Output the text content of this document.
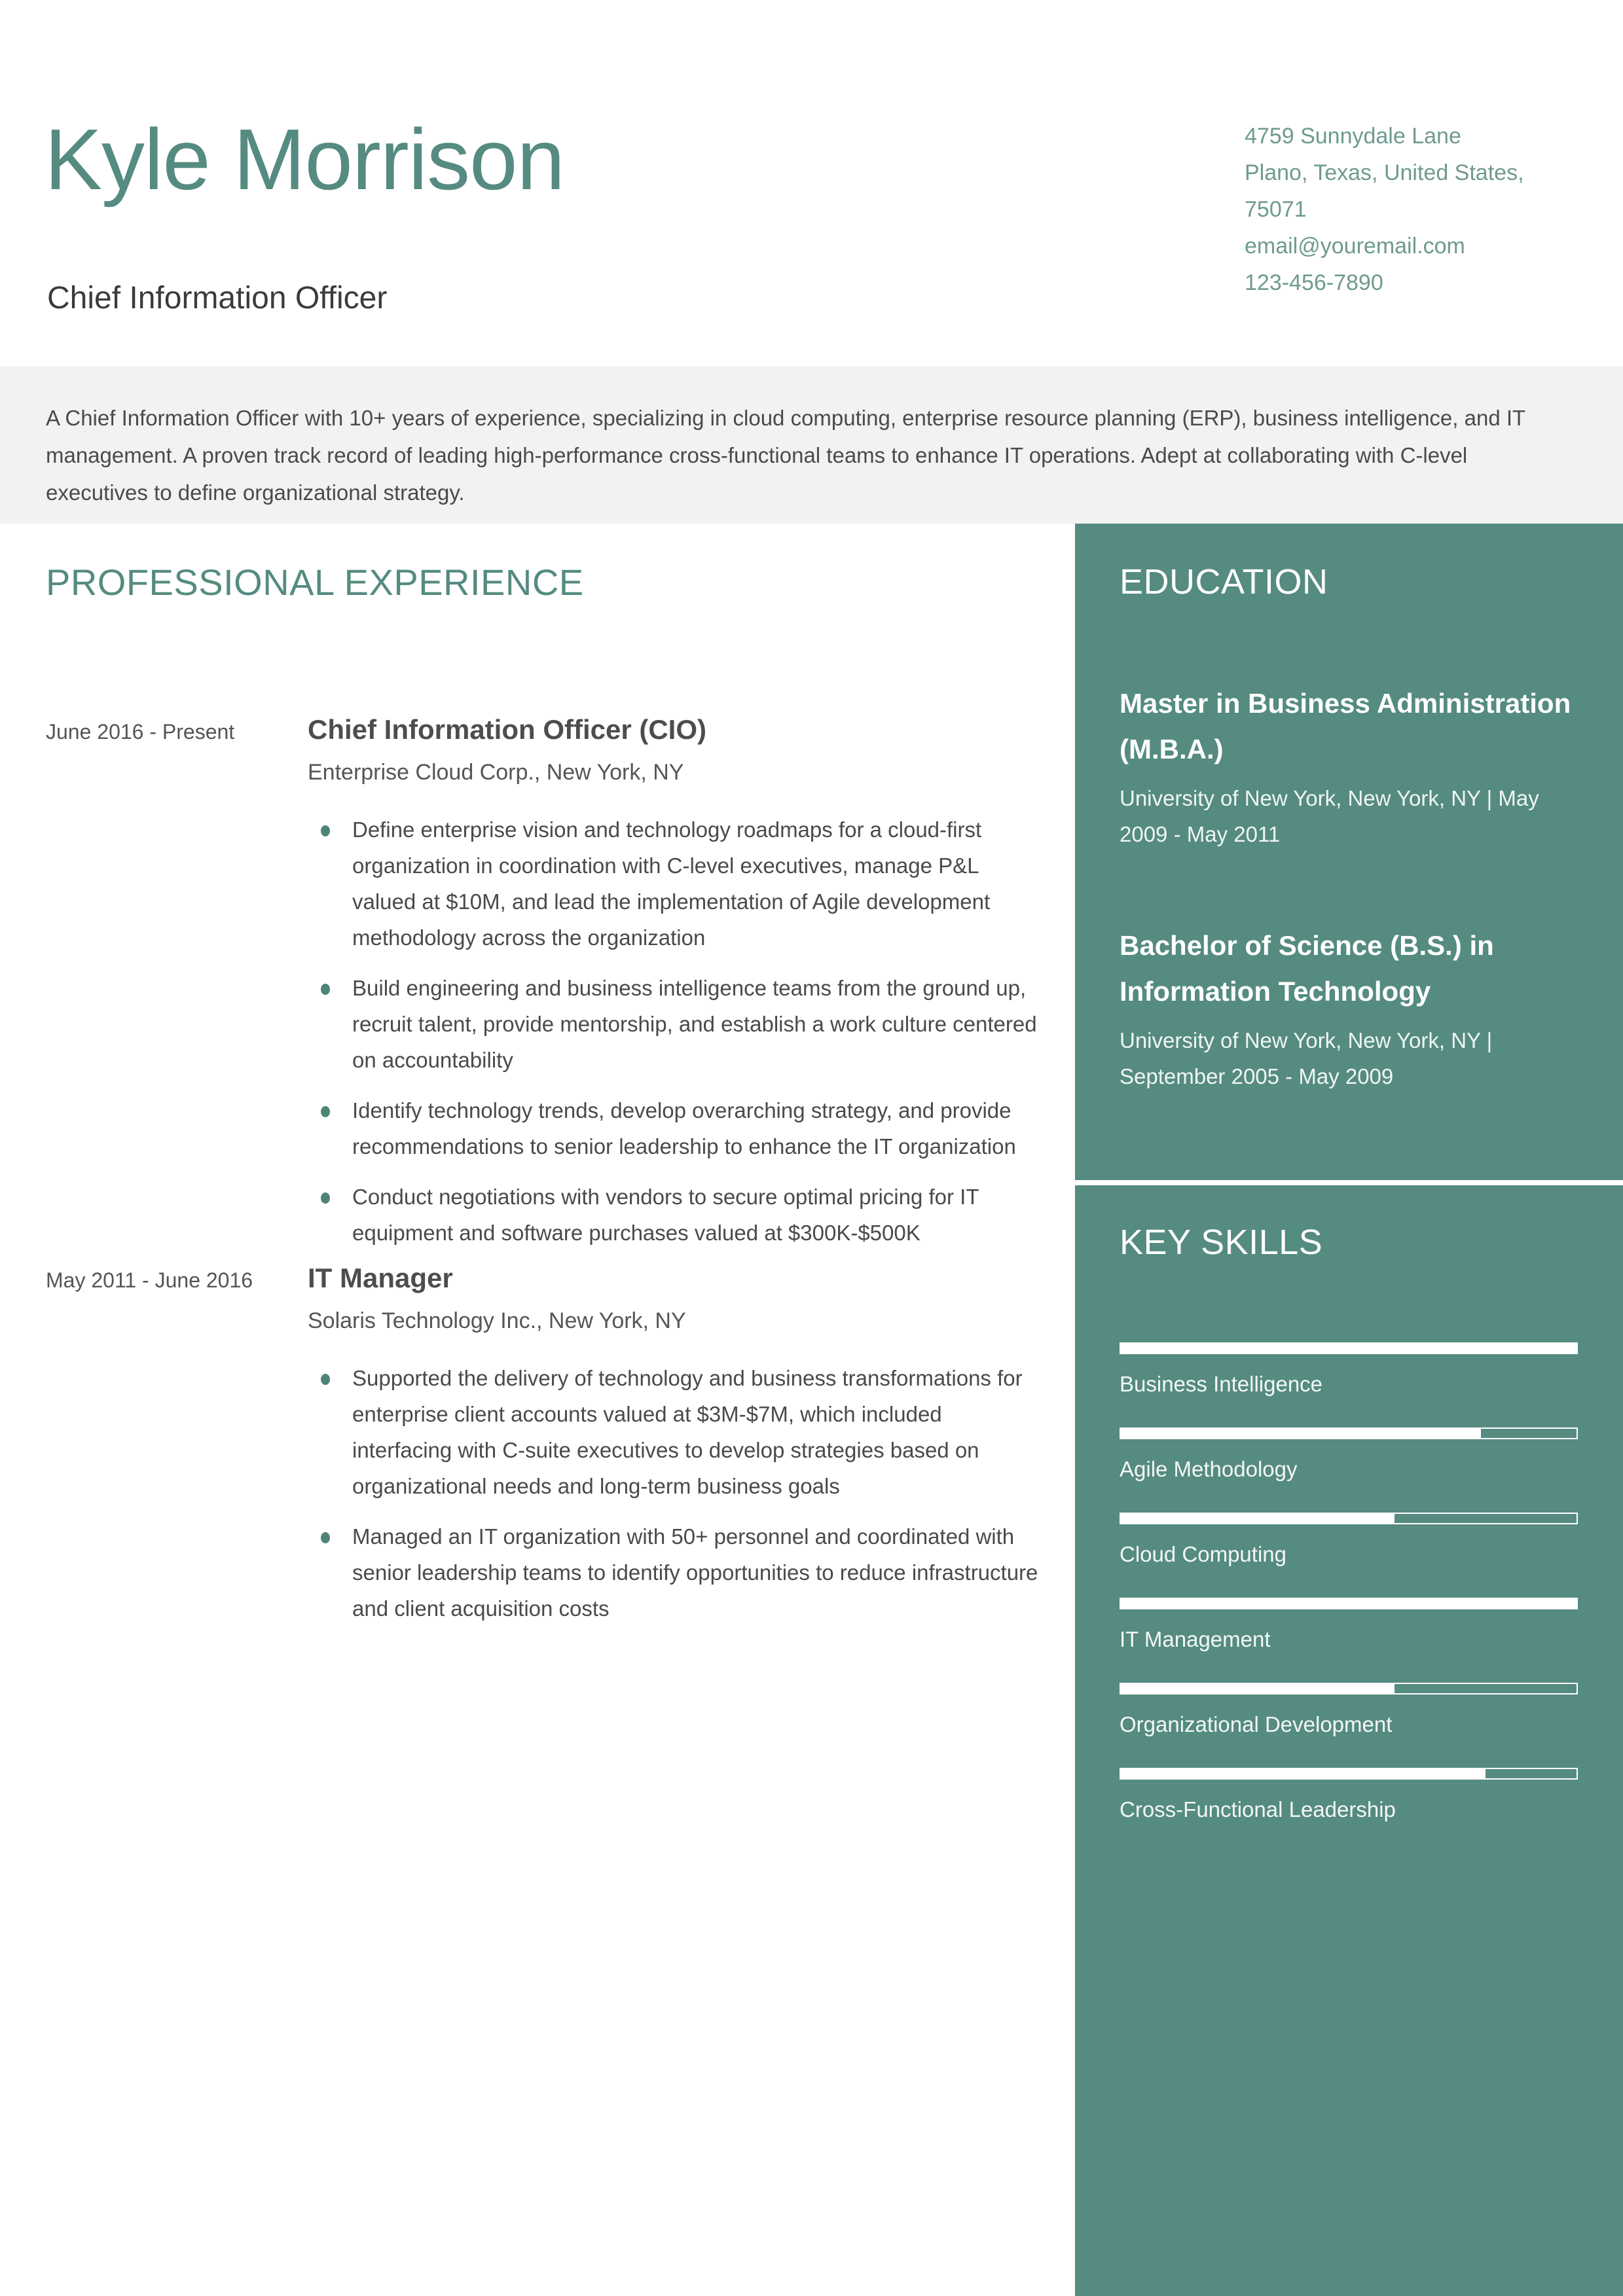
Kyle Morrison
Chief Information Officer
4759 Sunnydale Lane
Plano, Texas, United States,
75071
email@youremail.com
123-456-7890
A Chief Information Officer with 10+ years of experience, specializing in cloud computing, enterprise resource planning (ERP), business intelligence, and IT management. A proven track record of leading high-performance cross-functional teams to enhance IT operations. Adept at collaborating with C-level executives to define organizational strategy.
PROFESSIONAL EXPERIENCE
June 2016 - Present	Chief Information Officer (CIO)
Enterprise Cloud Corp., New York, NY
Define enterprise vision and technology roadmaps for a cloud-first organization in coordination with C-level executives, manage P&L valued at $10M, and lead the implementation of Agile development methodology across the organization
Build engineering and business intelligence teams from the ground up, recruit talent, provide mentorship, and establish a work culture centered on accountability
Identify technology trends, develop overarching strategy, and provide recommendations to senior leadership to enhance the IT organization
Conduct negotiations with vendors to secure optimal pricing for IT equipment and software purchases valued at $300K-$500K
May 2011 - June 2016	IT Manager
Solaris Technology Inc., New York, NY
Supported the delivery of technology and business transformations for enterprise client accounts valued at $3M-$7M, which included interfacing with C-suite executives to develop strategies based on organizational needs and long-term business goals
Managed an IT organization with 50+ personnel and coordinated with senior leadership teams to identify opportunities to reduce infrastructure and client acquisition costs
EDUCATION
Master in Business Administration (M.B.A.)
University of New York, New York, NY | May 2009 - May 2011
Bachelor of Science (B.S.) in Information Technology
University of New York, New York, NY | September 2005 - May 2009
KEY SKILLS
Business Intelligence
Agile Methodology
Cloud Computing
IT Management
Organizational Development
Cross-Functional Leadership
